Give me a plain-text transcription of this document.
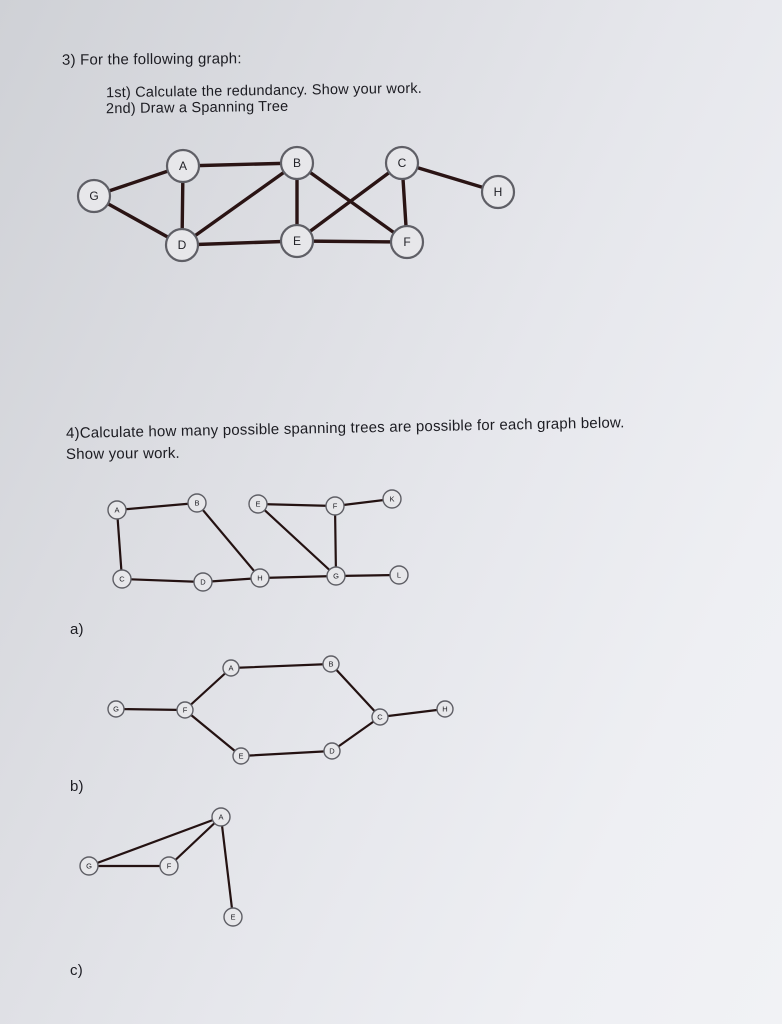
3) For the following graph:

1st) Calculate the redundancy. Show your work.

2nd) Draw a Spanning Tree

A	B	C
D	E	F
G	H

4)Calculate how many possible spanning trees are possible for each graph below.

Show your work.

A
B
C	D
E	F
G
H
K
L

a)

A	B
C
D
E
F
G	H

b)

A
E
F
G

c)
